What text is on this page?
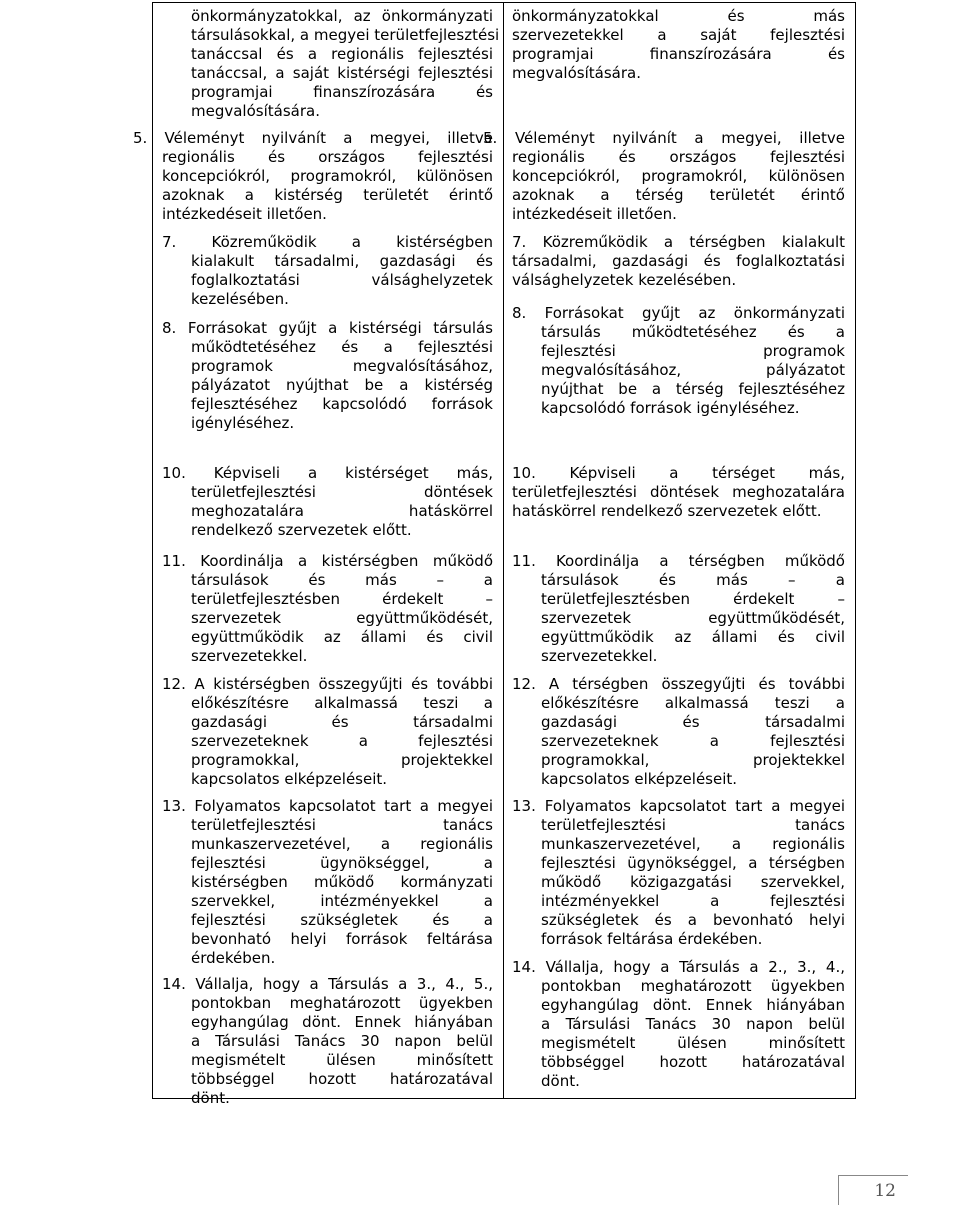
önkormányzatokkal, az önkormányzati
társulásokkal, a megyei területfejlesztési
tanáccsal és a regionális fejlesztési
tanáccsal, a saját kistérségi fejlesztési
programjai finanszírozására és
megvalósítására.
5. Véleményt nyilvánít a megyei, illetve
regionális és országos fejlesztési
koncepciókról, programokról, különösen
azoknak a kistérség területét érintő
intézkedéseit illetően.
7. Közreműködik a kistérségben
kialakult társadalmi, gazdasági és
foglalkoztatási válsághelyzetek
kezelésében.
8. Forrásokat gyűjt a kistérségi társulás
működtetéséhez és a fejlesztési
programok megvalósításához,
pályázatot nyújthat be a kistérség
fejlesztéséhez kapcsolódó források
igényléséhez.
10. Képviseli a kistérséget más,
területfejlesztési döntések
meghozatalára hatáskörrel
rendelkező szervezetek előtt.
11. Koordinálja a kistérségben működő
társulások és más – a
területfejlesztésben érdekelt –
szervezetek együttműködését,
együttműködik az állami és civil
szervezetekkel.
12. A kistérségben összegyűjti és további
előkészítésre alkalmassá teszi a
gazdasági és társadalmi
szervezeteknek a fejlesztési
programokkal, projektekkel
kapcsolatos elképzeléseit.
13. Folyamatos kapcsolatot tart a megyei
területfejlesztési tanács
munkaszervezetével, a regionális
fejlesztési ügynökséggel, a
kistérségben működő kormányzati
szervekkel, intézményekkel a
fejlesztési szükségletek és a
bevonható helyi források feltárása
érdekében.
14. Vállalja, hogy a Társulás a 3., 4., 5.,
pontokban meghatározott ügyekben
egyhangúlag dönt. Ennek hiányában
a Társulási Tanács 30 napon belül
megismételt ülésen minősített
többséggel hozott határozatával
dönt.
önkormányzatokkal és más
szervezetekkel a saját fejlesztési
programjai finanszírozására és
megvalósítására.
5. Véleményt nyilvánít a megyei, illetve
regionális és országos fejlesztési
koncepciókról, programokról, különösen
azoknak a térség területét érintő
intézkedéseit illetően.
7. Közreműködik a térségben kialakult
társadalmi, gazdasági és foglalkoztatási
válsághelyzetek kezelésében.
8. Forrásokat gyűjt az önkormányzati
társulás működtetéséhez és a
fejlesztési programok
megvalósításához, pályázatot
nyújthat be a térség fejlesztéséhez
kapcsolódó források igényléséhez.
10. Képviseli a térséget más,
területfejlesztési döntések meghozatalára
hatáskörrel rendelkező szervezetek előtt.
11. Koordinálja a térségben működő
társulások és más – a
területfejlesztésben érdekelt –
szervezetek együttműködését,
együttműködik az állami és civil
szervezetekkel.
12. A térségben összegyűjti és további
előkészítésre alkalmassá teszi a
gazdasági és társadalmi
szervezeteknek a fejlesztési
programokkal, projektekkel
kapcsolatos elképzeléseit.
13. Folyamatos kapcsolatot tart a megyei
területfejlesztési tanács
munkaszervezetével, a regionális
fejlesztési ügynökséggel, a térségben
működő közigazgatási szervekkel,
intézményekkel a fejlesztési
szükségletek és a bevonható helyi
források feltárása érdekében.
14. Vállalja, hogy a Társulás a 2., 3., 4.,
pontokban meghatározott ügyekben
egyhangúlag dönt. Ennek hiányában
a Társulási Tanács 30 napon belül
megismételt ülésen minősített
többséggel hozott határozatával
dönt.
12
